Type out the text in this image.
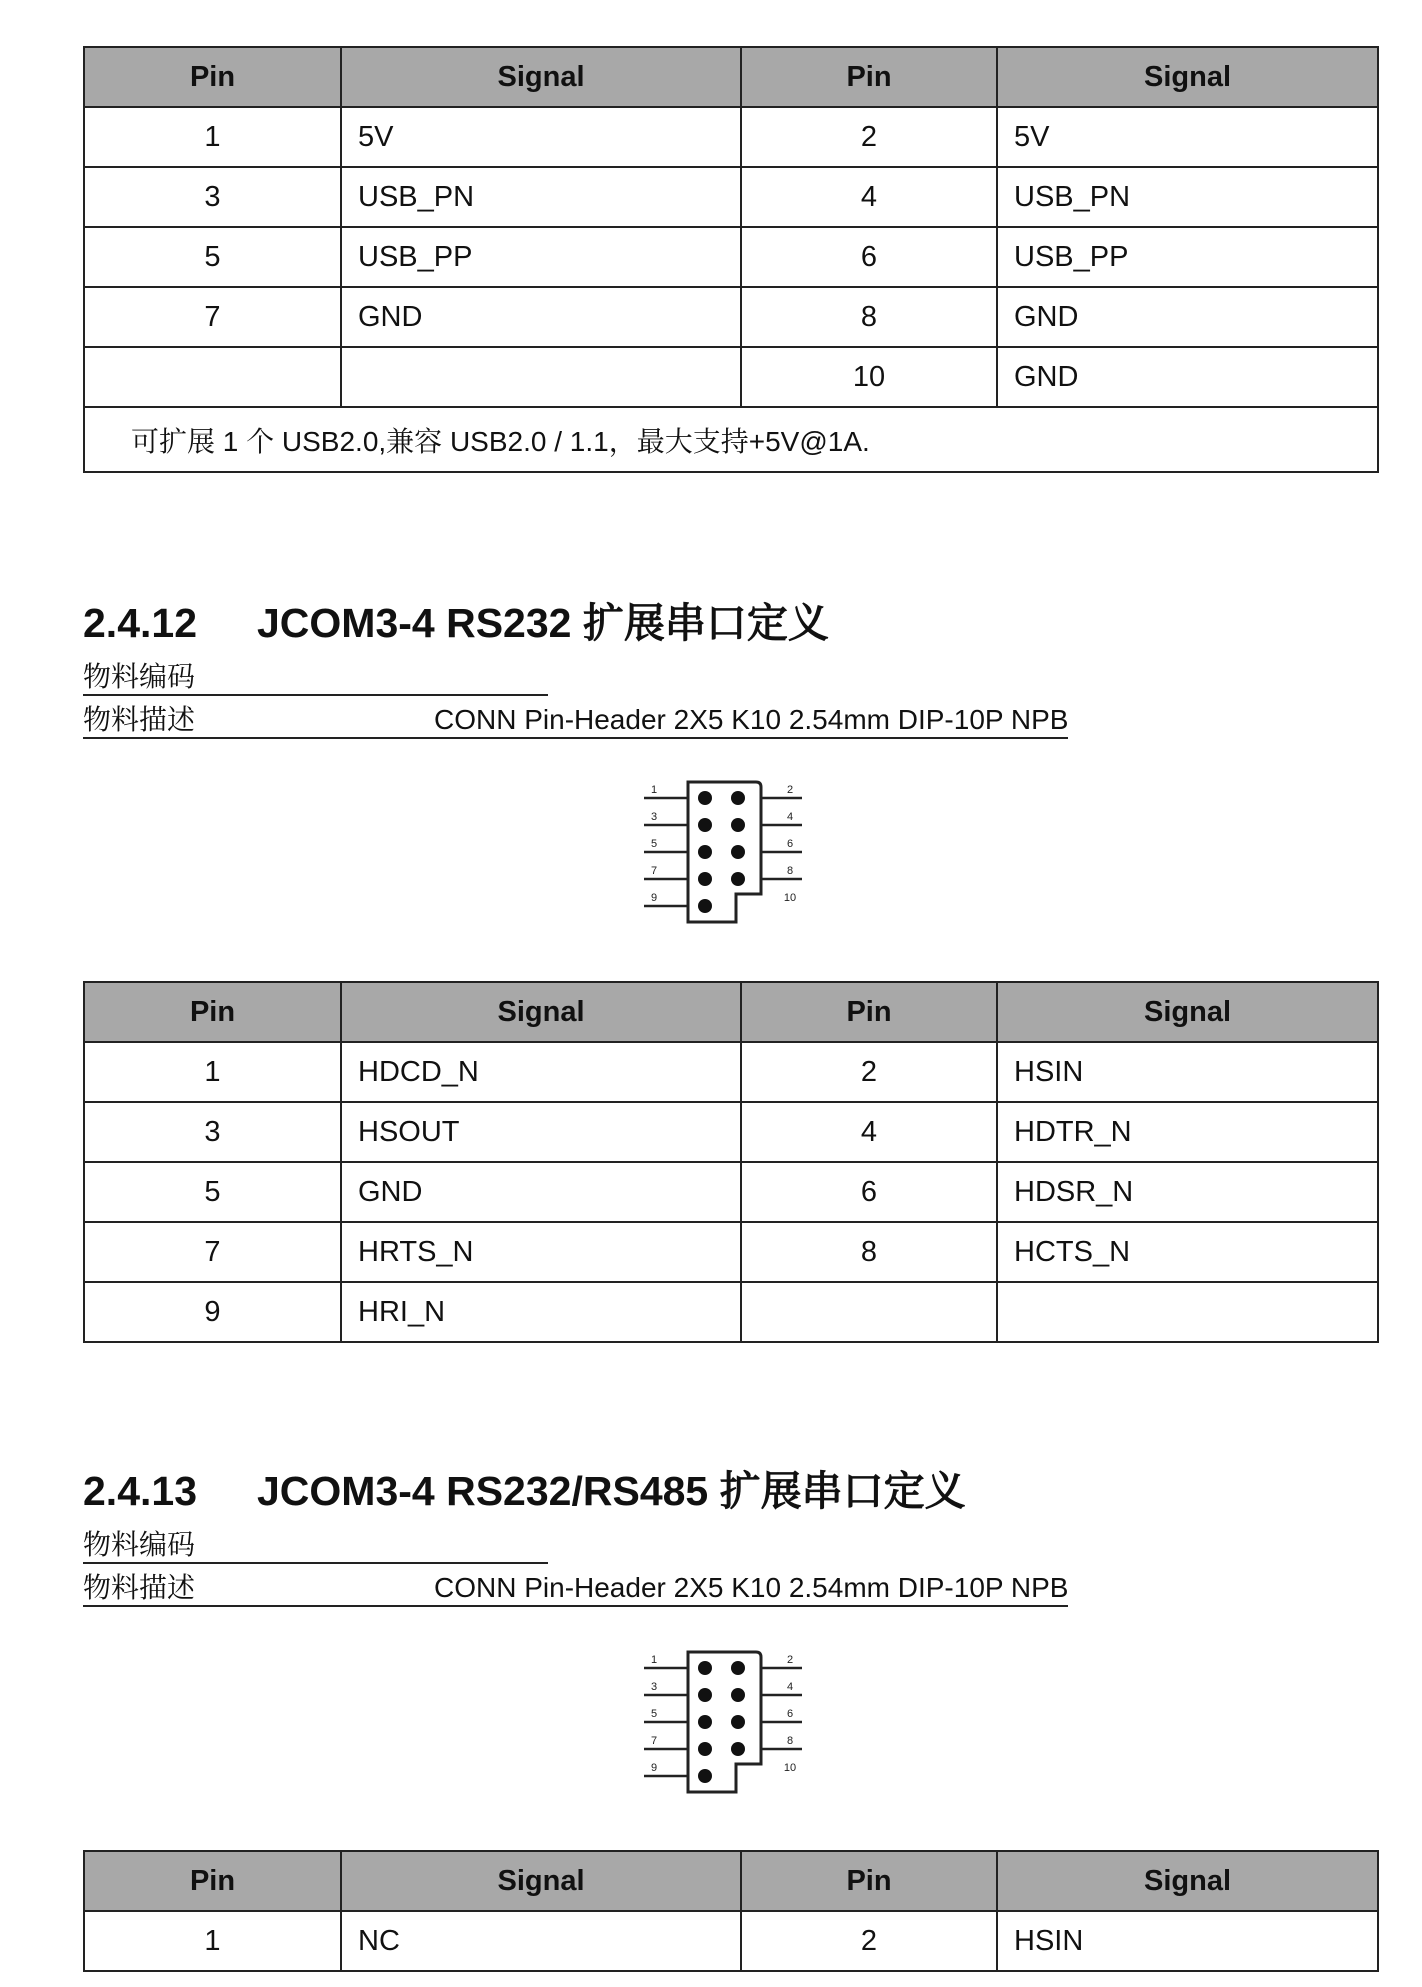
Pin	Signal	Pin	Signal
1	5V	2	5V
3	USB_PN	4	USB_PN
5	USB_PP	6	USB_PP
7	GND	8	GND
		10	GND
可扩展 1 个 USB2.0,兼容 USB2.0 / 1.1，最大支持+5V@1A.			
2.4.12 JCOM3-4 RS232 扩展串口定义
物料编码
物料描述	CONN Pin-Header 2X5 K10 2.54mm DIP-10P NPB
1	2
3	4
5	6
7	8
9	10
Pin	Signal	Pin	Signal
1	HDCD_N	2	HSIN
3	HSOUT	4	HDTR_N
5	GND	6	HDSR_N
7	HRTS_N	8	HCTS_N
9	HRI_N		
2.4.13 JCOM3-4 RS232/RS485 扩展串口定义
物料编码
物料描述	CONN Pin-Header 2X5 K10 2.54mm DIP-10P NPB
1	2
3	4
5	6
7	8
9	10
Pin	Signal	Pin	Signal
1	NC	2	HSIN
